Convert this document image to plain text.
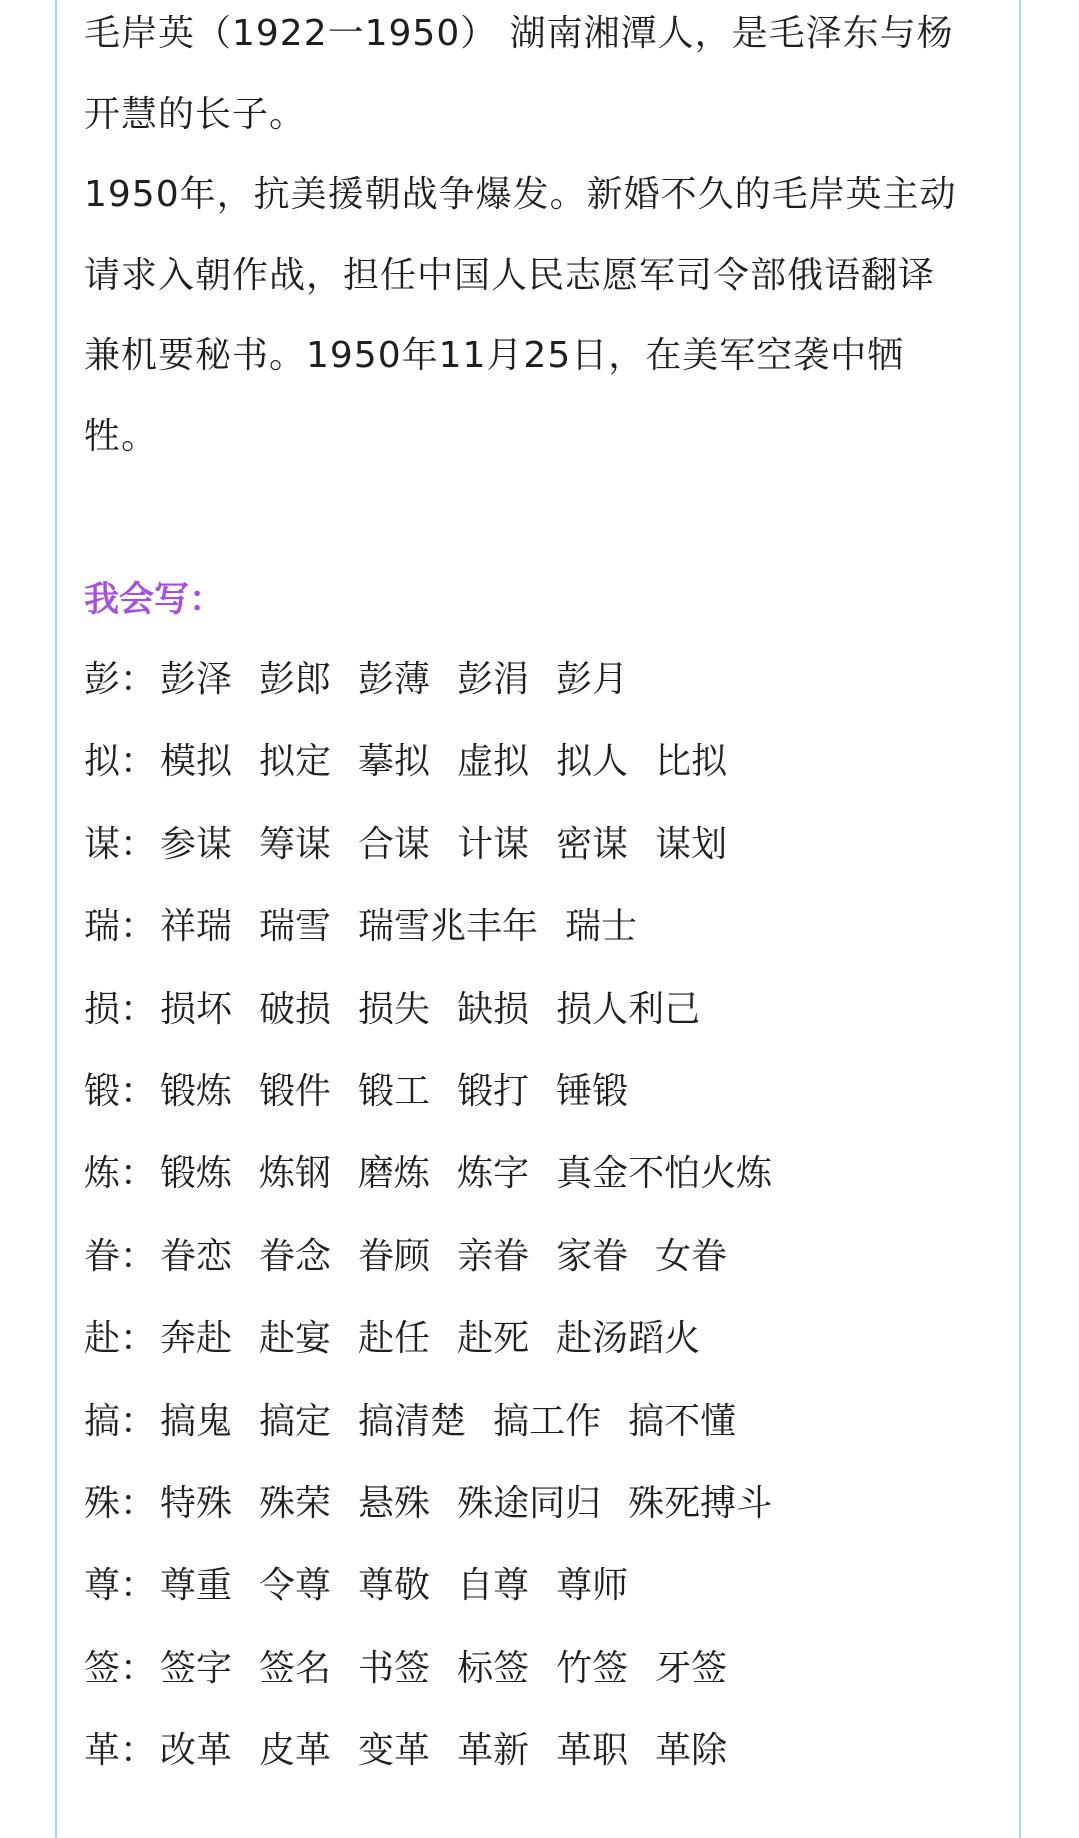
毛岸英（1922一1950） 湖南湘潭人，是毛泽东与杨
开慧的长子。
1950年，抗美援朝战争爆发。新婚不久的毛岸英主动
请求入朝作战，担任中国人民志愿军司令部俄语翻译
兼机要秘书。1950年11月25日，在美军空袭中牺
牲。
我会写：
彭： 彭泽 彭郎 彭薄 彭涓 彭月
拟： 模拟 拟定 摹拟 虚拟 拟人 比拟
谋： 参谋 筹谋 合谋 计谋 密谋 谋划
瑞： 祥瑞 瑞雪 瑞雪兆丰年 瑞士
损： 损坏 破损 损失 缺损 损人利己
锻： 锻炼 锻件 锻工 锻打 锤锻
炼： 锻炼 炼钢 磨炼 炼字 真金不怕火炼
眷： 眷恋 眷念 眷顾 亲眷 家眷 女眷
赴： 奔赴 赴宴 赴任 赴死 赴汤蹈火
搞： 搞鬼 搞定 搞清楚 搞工作 搞不懂
殊： 特殊 殊荣 悬殊 殊途同归 殊死搏斗
尊： 尊重 令尊 尊敬 自尊 尊师
签： 签字 签名 书签 标签 竹签 牙签
革： 改革 皮革 变革 革新 革职 革除
